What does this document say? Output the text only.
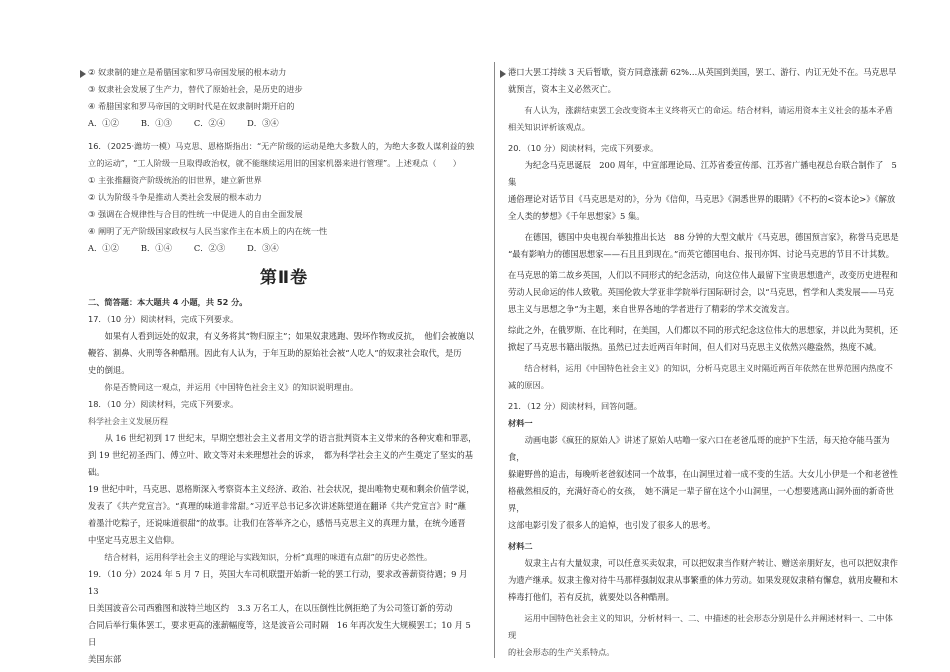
② 奴隶制的建立是希腊国家和罗马帝国发展的根本动力

③ 奴隶社会发展了生产力，替代了原始社会，是历史的进步

④ 希腊国家和罗马帝国的文明时代是在奴隶制时期开启的

A．①②	B．①③	C．②④	D．③④

16．（2025·潍坊一模）马克思、恩格斯指出：“无产阶级的运动是绝大多数人的，为绝大多数人谋利益的独

立的运动”，“工人阶级一旦取得政治权，就不能继续运用旧的国家机器来进行管理”。上述观点（　　）

① 主张推翻资产阶级统治的旧世界，建立新世界

② 认为阶级斗争是推动人类社会发展的根本动力

③ 强调在合规律性与合目的性统一中促进人的自由全面发展

④ 阐明了无产阶级国家政权与人民当家作主在本质上的内在统一性

A．①②	B．①④	C．②③	D．③④
第Ⅱ卷

二、简答题：本大题共 4 小题，共 52 分。

17．（10 分）阅读材料，完成下列要求。

如果有人看到远处的奴隶，有义务将其“物归原主”；如果奴隶逃跑、毁坏作物或反抗，　他们会被施以

鞭笞、割鼻、火刑等各种酷刑。因此有人认为，于年互助的原始社会被“人吃人”的奴隶社会取代，是历

史的倒退。

你是否赞同这一观点，并运用《中国特色社会主义》的知识说明理由。

18．（10 分）阅读材料，完成下列要求。

科学社会主义发展历程

从 16 世纪初到 17 世纪末，早期空想社会主义者用文学的语言批判资本主义带来的各种灾难和罪恶，

到 19 世纪初圣西门、傅立叶、欧文等对未来理想社会的诉求，　都为科学社会主义的产生奠定了坚实的基础。

19 世纪中叶，马克思、恩格斯深入考察资本主义经济、政治、社会状况，提出唯物史观和剩余价值学说，

发表了《共产党宣言》。“真理的味道非常甜。”习近平总书记多次讲述陈望道在翻译《共产党宣言》时“蘸

着墨汁吃粽子，还说味道很甜”的故事。让我们在答举齐之心，感悟马克思主义的真理力量，在统今通晋

中坚定马克思主义信仰。

结合材料，运用科学社会主义的理论与实践知识，分析“真理的味道有点甜”的历史必然性。

19．（10 分）2024 年 5 月 7 日，英国大车司机联盟开始新一轮的罢工行动，要求改善薪资待遇；9 月 13

日美国波音公司西雅图和波特兰地区约　3.3 万名工人，在以压倒性比例拒绝了为公司签订新的劳动

合同后举行集体罢工，要求更高的涨薪幅度等，这是波音公司时隔　16 年再次发生大规模罢工；10 月 5 日

美国东部

港口大罢工持续 3 天后暂歇，资方同意涨薪 62%…从英国到美国，罢工、游行、内讧无处不在。马克思早

就预言，资本主义必然灭亡。

有人认为，涨薪结束罢工会改变资本主义终将灭亡的命运。结合材料，请运用资本主义社会的基本矛盾

相关知识评析该观点。

20．（10 分）阅读材料，完成下列要求。

为纪念马克思诞辰　200 周年，中宣部理论局、江苏省委宣传部、江苏省广播电视总台联合制作了　5 集

通俗理论对话节目《马克思是对的》，分为《信仰，马克思》《洞悉世界的眼睛》《不朽的<资本论>》《解放

全人类的梦想》《千年思想家》5 集。

在德国，德国中央电视台举独推出长达　88 分钟的大型文献片《马克思，德国预言家》，称誉马克思是

“最有影响力的德国思想家——石且且到现在。”而英它德国电台、报刊亦饵、讨论马克思的节目不计其数。

在马克思的第二故乡英国，人们以不同形式的纪念活动，向这位伟人最留下宝贵思想遗产，改变历史进程和

劳动人民命运的伟人致敬。英国伦敦大学亚非学院举行国际研讨会，以“马克思，哲学和人类发展——马克

思主义与思想之争”为主题，来自世界各地的学者进行了精彩的学术交流发言。

综此之外，在俄罗斯、在比利时，在美国，人们都以不同的形式纪念这位伟大的思想家，并以此为契机，还

掀起了马克思书籍出版热。虽然已过去近两百年时间，但人们对马克思主义依然兴趣盎然，热度不减。

结合材料，运用《中国特色社会主义》的知识，分析马克思主义时隔近两百年依然在世界范围内热度不

减的原因。

21．（12 分）阅读材料，回答问题。

材料一

动画电影《疯狂的原始人》讲述了原始人咕噜一家六口在老爸瓜哥的庇护下生活，每天抢夺能马蛋为食，

躲避野兽的追击，每晚听老爸叙述同一个故事，在山洞里过着一成不变的生活。大女儿小伊是一个和老爸性

格截然相反的，充满好奇心的女孩，　她不满足一辈子留在这个小山洞里，一心想要逃离山洞外面的新奇世界，

这部电影引发了很多人的追悼，也引发了很多人的思考。

材料二

奴隶主占有大量奴隶，可以任意买卖奴隶，可以把奴隶当作财产转让、赠送亲朋好友，也可以把奴隶作

为遗产继承。奴隶主像对待牛马那样强制奴隶从事繁重的体力劳动。如果发现奴隶稍有懈怠，就用皮鞭和木

棒毒打他们，若有反抗，就要处以各种酷刑。

运用中国特色社会主义的知识，分析材料一、二、中描述的社会形态分别是什么并阐述材料一、二中体现

的社会形态的生产关系特点。
